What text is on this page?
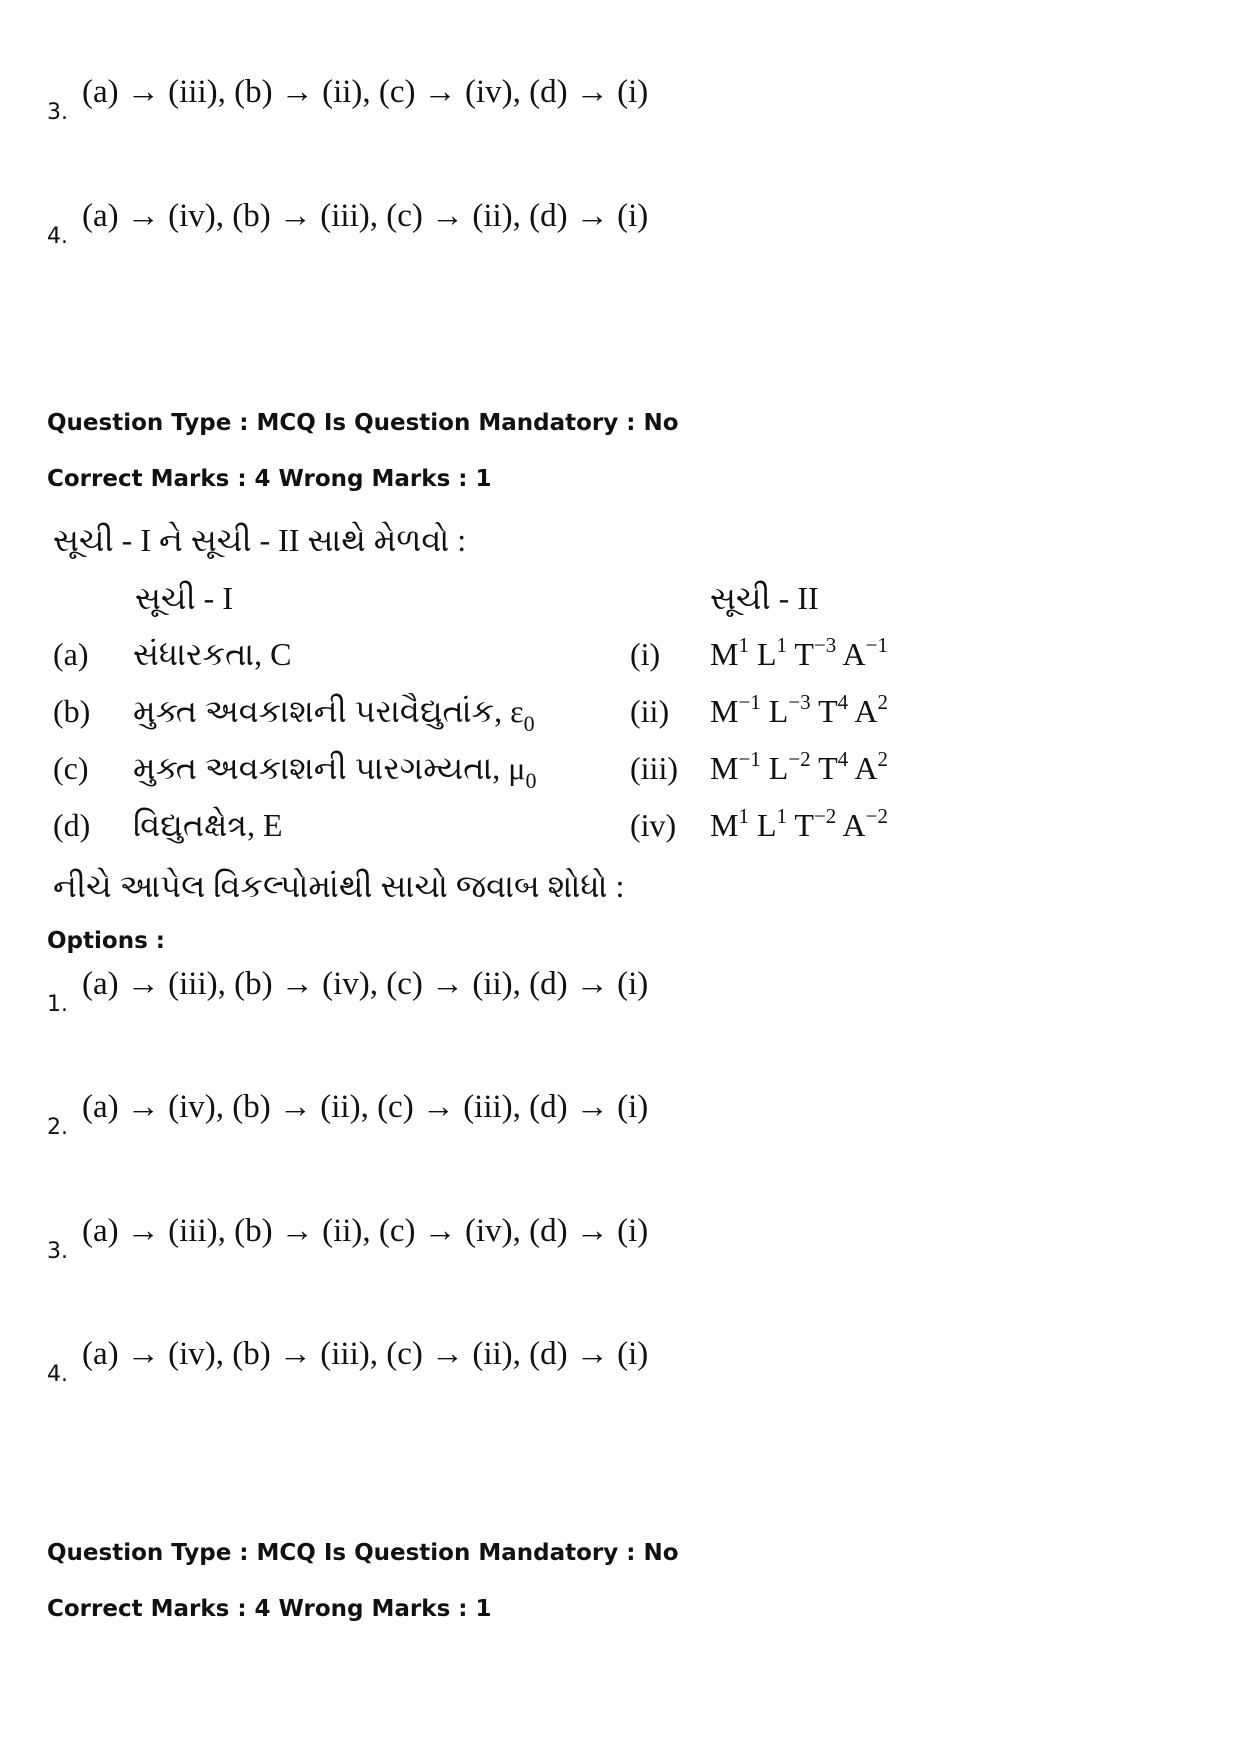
3.
(a) → (iii), (b) → (ii), (c) → (iv), (d) → (i)
4.
(a) → (iv), (b) → (iii), (c) → (ii), (d) → (i)
Question Type : MCQ Is Question Mandatory : No
Correct Marks : 4 Wrong Marks : 1
સૂચી - I ને સૂચી - II સાથે મેળવો :
સૂચી - I	સૂચી - II
(a) સંધારકતા, C	(i) $M^1$ $L^1$ $T^{-3}$ $A^{-1}$
(b) મુક્ત અવકાશની પરાવૈદ્યુતાંક, $\varepsilon_0$	(ii) $M^{-1}$ $L^{-3}$ $T^4$ $A^2$
(c) મુક્ત અવકાશની પારગમ્યતા, $\mu_0$	(iii) $M^{-1}$ $L^{-2}$ $T^4$ $A^2$
(d) વિદ્યુતક્ષેત્ર, E	(iv) $M^1$ $L^1$ $T^{-2}$ $A^{-2}$
નીચે આપેલ વિકલ્પોમાંથી સાચો જવાબ શોધો :
Options :
1.
(a) → (iii), (b) → (iv), (c) → (ii), (d) → (i)
2.
(a) → (iv), (b) → (ii), (c) → (iii), (d) → (i)
3.
(a) → (iii), (b) → (ii), (c) → (iv), (d) → (i)
4.
(a) → (iv), (b) → (iii), (c) → (ii), (d) → (i)
Question Type : MCQ Is Question Mandatory : No
Correct Marks : 4 Wrong Marks : 1
